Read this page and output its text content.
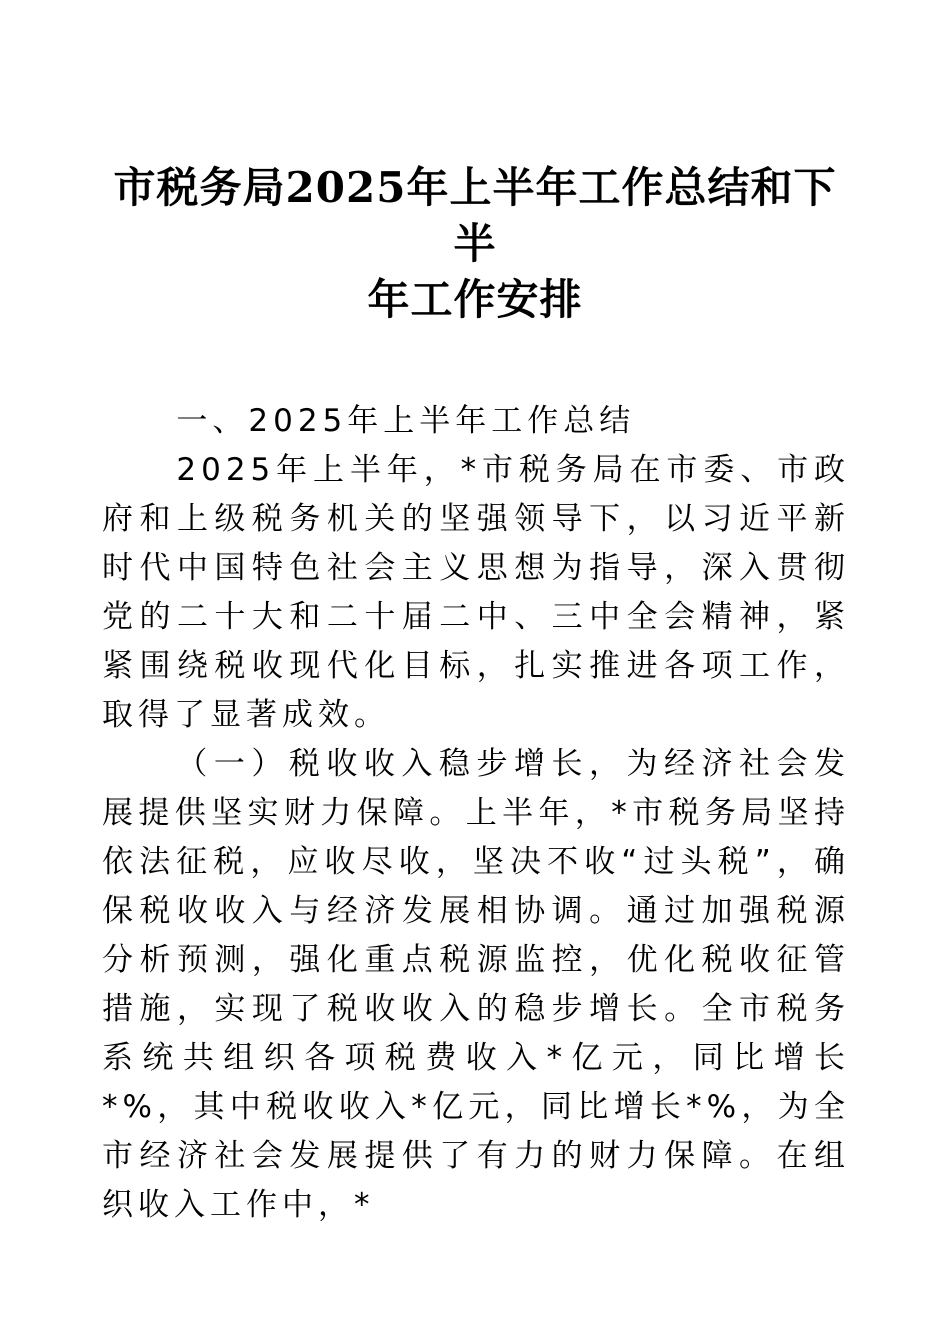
市税务局2025年上半年工作总结和下半
年工作安排

一、2025年上半年工作总结

2025年上半年，*市税务局在市委、市政府和上级税务机关的坚强领导下，以习近平新时代中国特色社会主义思想为指导，深入贯彻党的二十大和二十届二中、三中全会精神，紧紧围绕税收现代化目标，扎实推进各项工作，取得了显著成效。

（一）税收收入稳步增长，为经济社会发展提供坚实财力保障。上半年，*市税务局坚持依法征税，应收尽收，坚决不收“过头税”，确保税收收入与经济发展相协调。通过加强税源分析预测，强化重点税源监控，优化税收征管措施，实现了税收收入的稳步增长。全市税务系统共组织各项税费收入*亿元，同比增长*%，其中税收收入*亿元，同比增长*%，为全市经济社会发展提供了有力的财力保障。在组织收入工作中，*
